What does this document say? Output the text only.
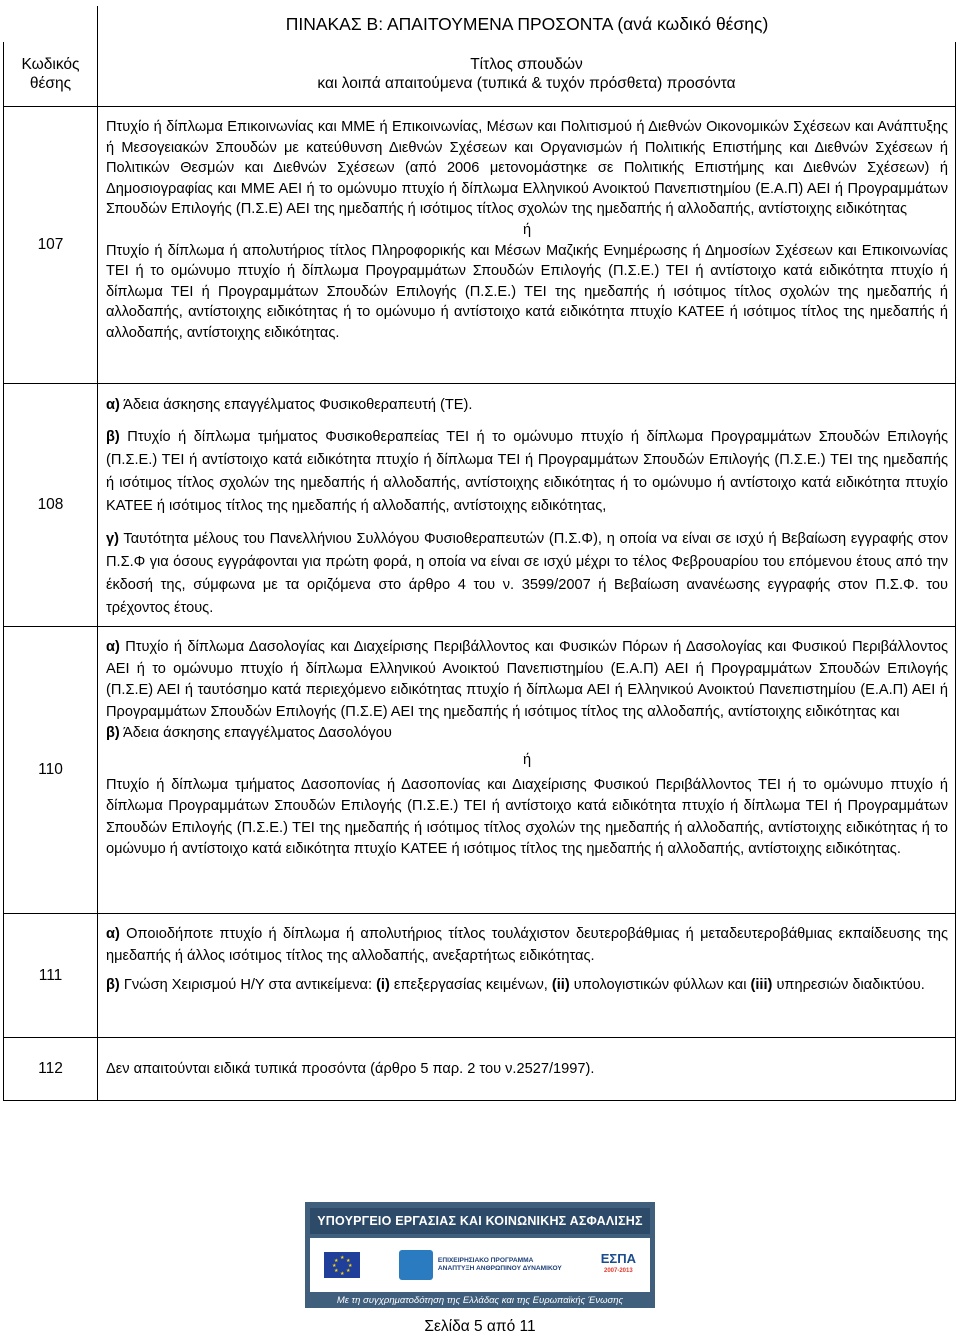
ΠΙΝΑΚΑΣ Β: ΑΠΑΙΤΟΥΜΕΝΑ ΠΡΟΣΟΝΤΑ (ανά κωδικό θέσης)
Κωδικός
θέσης
Τίτλος σπουδών
και λοιπά απαιτούμενα (τυπικά & τυχόν πρόσθετα) προσόντα
107

Πτυχίο ή δίπλωμα Επικοινωνίας και ΜΜΕ ή Επικοινωνίας, Μέσων και Πολιτισμού ή Διεθνών Οικονομικών Σχέσεων και Ανάπτυξης ή Μεσογειακών Σπουδών με κατεύθυνση Διεθνών Σχέσεων και Οργανισμών ή Πολιτικής Επιστήμης και Διεθνών Σχέσεων ή Πολιτικών Θεσμών και Διεθνών Σχέσεων (από 2006 μετονομάστηκε σε Πολιτικής Επιστήμης και Διεθνών Σχέσεων) ή Δημοσιογραφίας και ΜΜΕ ΑΕΙ ή το ομώνυμο πτυχίο ή δίπλωμα Ελληνικού Ανοικτού Πανεπιστημίου (Ε.Α.Π) ΑΕΙ ή Προγραμμάτων Σπουδών Επιλογής (Π.Σ.Ε) ΑΕΙ της ημεδαπής ή ισότιμος τίτλος σχολών της ημεδαπής ή αλλοδαπής, αντίστοιχης ειδικότητας

ή

Πτυχίο ή δίπλωμα ή απολυτήριος τίτλος Πληροφορικής και Μέσων Μαζικής Ενημέρωσης ή Δημοσίων Σχέσεων και Επικοινωνίας ΤΕΙ ή το ομώνυμο πτυχίο ή δίπλωμα Προγραμμάτων Σπουδών Επιλογής (Π.Σ.Ε.) ΤΕΙ ή αντίστοιχο κατά ειδικότητα πτυχίο ή δίπλωμα ΤΕΙ ή Προγραμμάτων Σπουδών Επιλογής (Π.Σ.Ε.) ΤΕΙ της ημεδαπής ή ισότιμος τίτλος σχολών της ημεδαπής ή αλλοδαπής, αντίστοιχης ειδικότητας ή το ομώνυμο ή αντίστοιχο κατά ειδικότητα πτυχίο ΚΑΤΕΕ ή ισότιμος τίτλος της ημεδαπής ή αλλοδαπής, αντίστοιχης ειδικότητας.

108

α) Άδεια άσκησης επαγγέλματος Φυσικοθεραπευτή (ΤΕ).

β) Πτυχίο ή δίπλωμα τμήματος Φυσικοθεραπείας ΤΕΙ ή το ομώνυμο πτυχίο ή δίπλωμα Προγραμμάτων Σπουδών Επιλογής (Π.Σ.Ε.) ΤΕΙ ή αντίστοιχο κατά ειδικότητα πτυχίο ή δίπλωμα ΤΕΙ ή Προγραμμάτων Σπουδών Επιλογής (Π.Σ.Ε.) ΤΕΙ της ημεδαπής ή ισότιμος τίτλος σχολών της ημεδαπής ή αλλοδαπής, αντίστοιχης ειδικότητας ή το ομώνυμο ή αντίστοιχο κατά ειδικότητα πτυχίο ΚΑΤΕΕ ή ισότιμος τίτλος της ημεδαπής ή αλλοδαπής, αντίστοιχης ειδικότητας,

γ) Ταυτότητα μέλους του Πανελλήνιου Συλλόγου Φυσιοθεραπευτών (Π.Σ.Φ), η οποία να είναι σε ισχύ ή Βεβαίωση εγγραφής στον Π.Σ.Φ για όσους εγγράφονται για πρώτη φορά, η οποία να είναι σε ισχύ μέχρι το τέλος Φεβρουαρίου του επόμενου έτους από την έκδοσή της, σύμφωνα με τα οριζόμενα στο άρθρο 4 του ν. 3599/2007 ή Βεβαίωση ανανέωσης εγγραφής στον Π.Σ.Φ. του τρέχοντος έτους.

110

α) Πτυχίο ή δίπλωμα Δασολογίας και Διαχείρισης Περιβάλλοντος και Φυσικών Πόρων ή Δασολογίας και Φυσικού Περιβάλλοντος ΑΕΙ ή το ομώνυμο πτυχίο ή δίπλωμα Ελληνικού Ανοικτού Πανεπιστημίου (Ε.Α.Π) ΑΕΙ ή Προγραμμάτων Σπουδών Επιλογής (Π.Σ.Ε) ΑΕΙ ή ταυτόσημο κατά περιεχόμενο ειδικότητας πτυχίο ή δίπλωμα ΑΕΙ ή Ελληνικού Ανοικτού Πανεπιστημίου (Ε.Α.Π) ΑΕΙ ή Προγραμμάτων Σπουδών Επιλογής (Π.Σ.Ε) ΑΕΙ της ημεδαπής ή ισότιμος τίτλος της αλλοδαπής, αντίστοιχης ειδικότητας και

β) Άδεια άσκησης επαγγέλματος Δασολόγου

ή

Πτυχίο ή δίπλωμα τμήματος Δασοπονίας ή Δασοπονίας και Διαχείρισης Φυσικού Περιβάλλοντος ΤΕΙ ή το ομώνυμο πτυχίο ή δίπλωμα Προγραμμάτων Σπουδών Επιλογής (Π.Σ.Ε.) ΤΕΙ ή αντίστοιχο κατά ειδικότητα πτυχίο ή δίπλωμα ΤΕΙ ή Προγραμμάτων Σπουδών Επιλογής (Π.Σ.Ε.) ΤΕΙ της ημεδαπής ή ισότιμος τίτλος σχολών της ημεδαπής ή αλλοδαπής, αντίστοιχης ειδικότητας ή το ομώνυμο ή αντίστοιχο κατά ειδικότητα πτυχίο ΚΑΤΕΕ ή ισότιμος τίτλος της ημεδαπής ή αλλοδαπής, αντίστοιχης ειδικότητας.

111

α) Οποιοδήποτε πτυχίο ή δίπλωμα ή απολυτήριος τίτλος τουλάχιστον δευτεροβάθμιας ή μεταδευτεροβάθμιας εκπαίδευσης της ημεδαπής ή άλλος ισότιμος τίτλος της αλλοδαπής, ανεξαρτήτως ειδικότητας.

β) Γνώση Χειρισμού Η/Υ στα αντικείμενα: (i) επεξεργασίας κειμένων, (ii) υπολογιστικών φύλλων και (iii) υπηρεσιών διαδικτύου.

112	Δεν απαιτούνται ειδικά τυπικά προσόντα (άρθρο 5 παρ. 2 του ν.2527/1997).
ΥΠΟΥΡΓΕΙΟ ΕΡΓΑΣΙΑΣ ΚΑΙ ΚΟΙΝΩΝΙΚΗΣ ΑΣΦΑΛΙΣΗΣ
★ ★
★
★
★
★
★
★	ΕΠΙΧΕΙΡΗΣΙΑΚΟ ΠΡΟΓΡΑΜΜΑ
ΑΝΑΠΤΥΞΗ ΑΝΘΡΩΠΙΝΟΥ ΔΥΝΑΜΙΚΟΥ
ΕΣΠΑ
2007-2013
Με τη συγχρηματοδότηση της Ελλάδας και της Ευρωπαϊκής Ένωσης
Σελίδα 5 από 11
